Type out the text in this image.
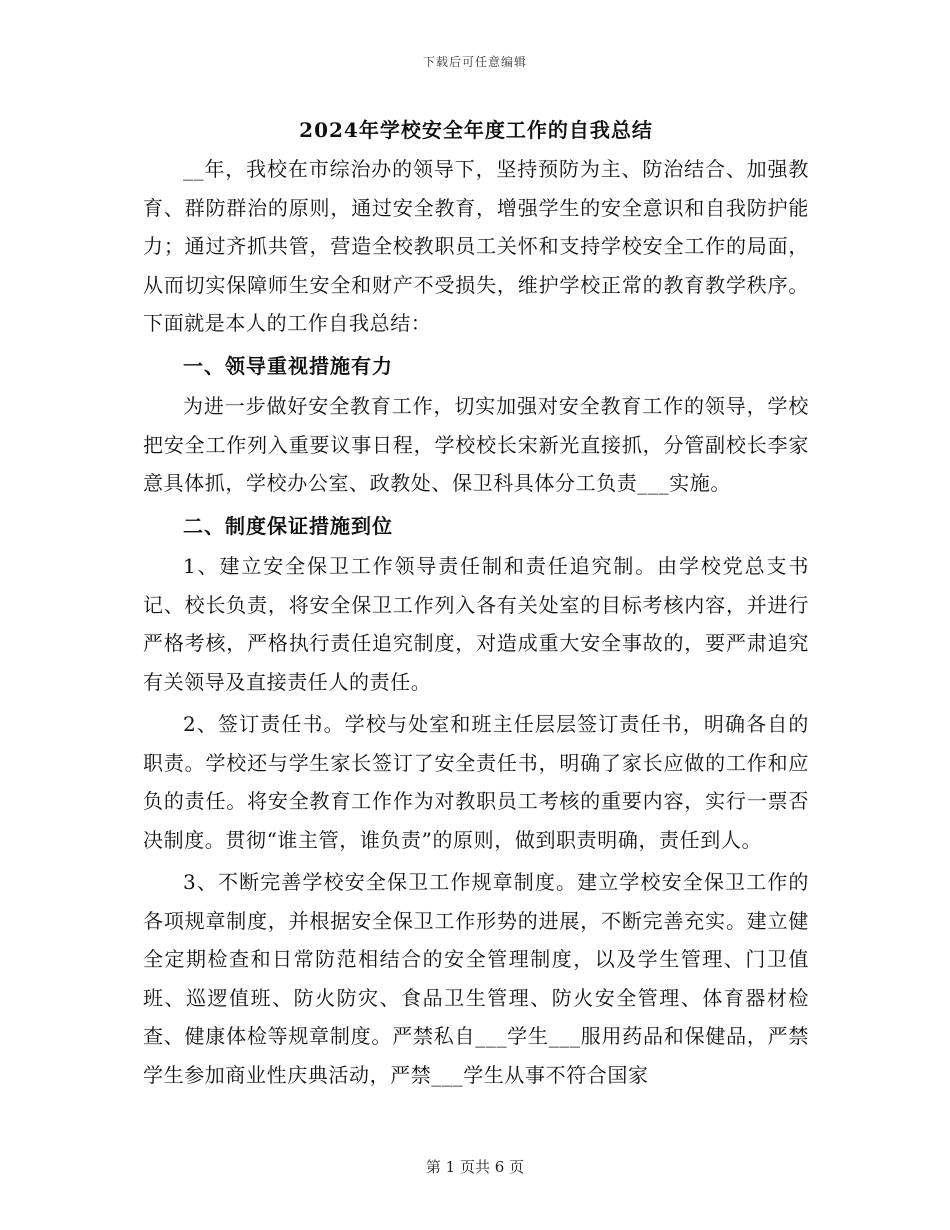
下载后可任意编辑
2024年学校安全年度工作的自我总结

__年，我校在市综治办的领导下，坚持预防为主、防治结合、加强教育、群防群治的原则，通过安全教育，增强学生的安全意识和自我防护能力；通过齐抓共管，营造全校教职员工关怀和支持学校安全工作的局面，从而切实保障师生安全和财产不受损失，维护学校正常的教育教学秩序。下面就是本人的工作自我总结：

一、领导重视措施有力

为进一步做好安全教育工作，切实加强对安全教育工作的领导，学校把安全工作列入重要议事日程，学校校长宋新光直接抓，分管副校长李家意具体抓，学校办公室、政教处、保卫科具体分工负责___实施。

二、制度保证措施到位

1、建立安全保卫工作领导责任制和责任追究制。由学校党总支书记、校长负责，将安全保卫工作列入各有关处室的目标考核内容，并进行严格考核，严格执行责任追究制度，对造成重大安全事故的，要严肃追究有关领导及直接责任人的责任。

2、签订责任书。学校与处室和班主任层层签订责任书，明确各自的职责。学校还与学生家长签订了安全责任书，明确了家长应做的工作和应负的责任。将安全教育工作作为对教职员工考核的重要内容，实行一票否决制度。贯彻“谁主管，谁负责”的原则，做到职责明确，责任到人。

3、不断完善学校安全保卫工作规章制度。建立学校安全保卫工作的各项规章制度，并根据安全保卫工作形势的进展，不断完善充实。建立健全定期检查和日常防范相结合的安全管理制度，以及学生管理、门卫值班、巡逻值班、防火防灾、食品卫生管理、防火安全管理、体育器材检查、健康体检等规章制度。严禁私自___学生___服用药品和保健品，严禁学生参加商业性庆典活动，严禁___学生从事不符合国家

第 1 页共 6 页
